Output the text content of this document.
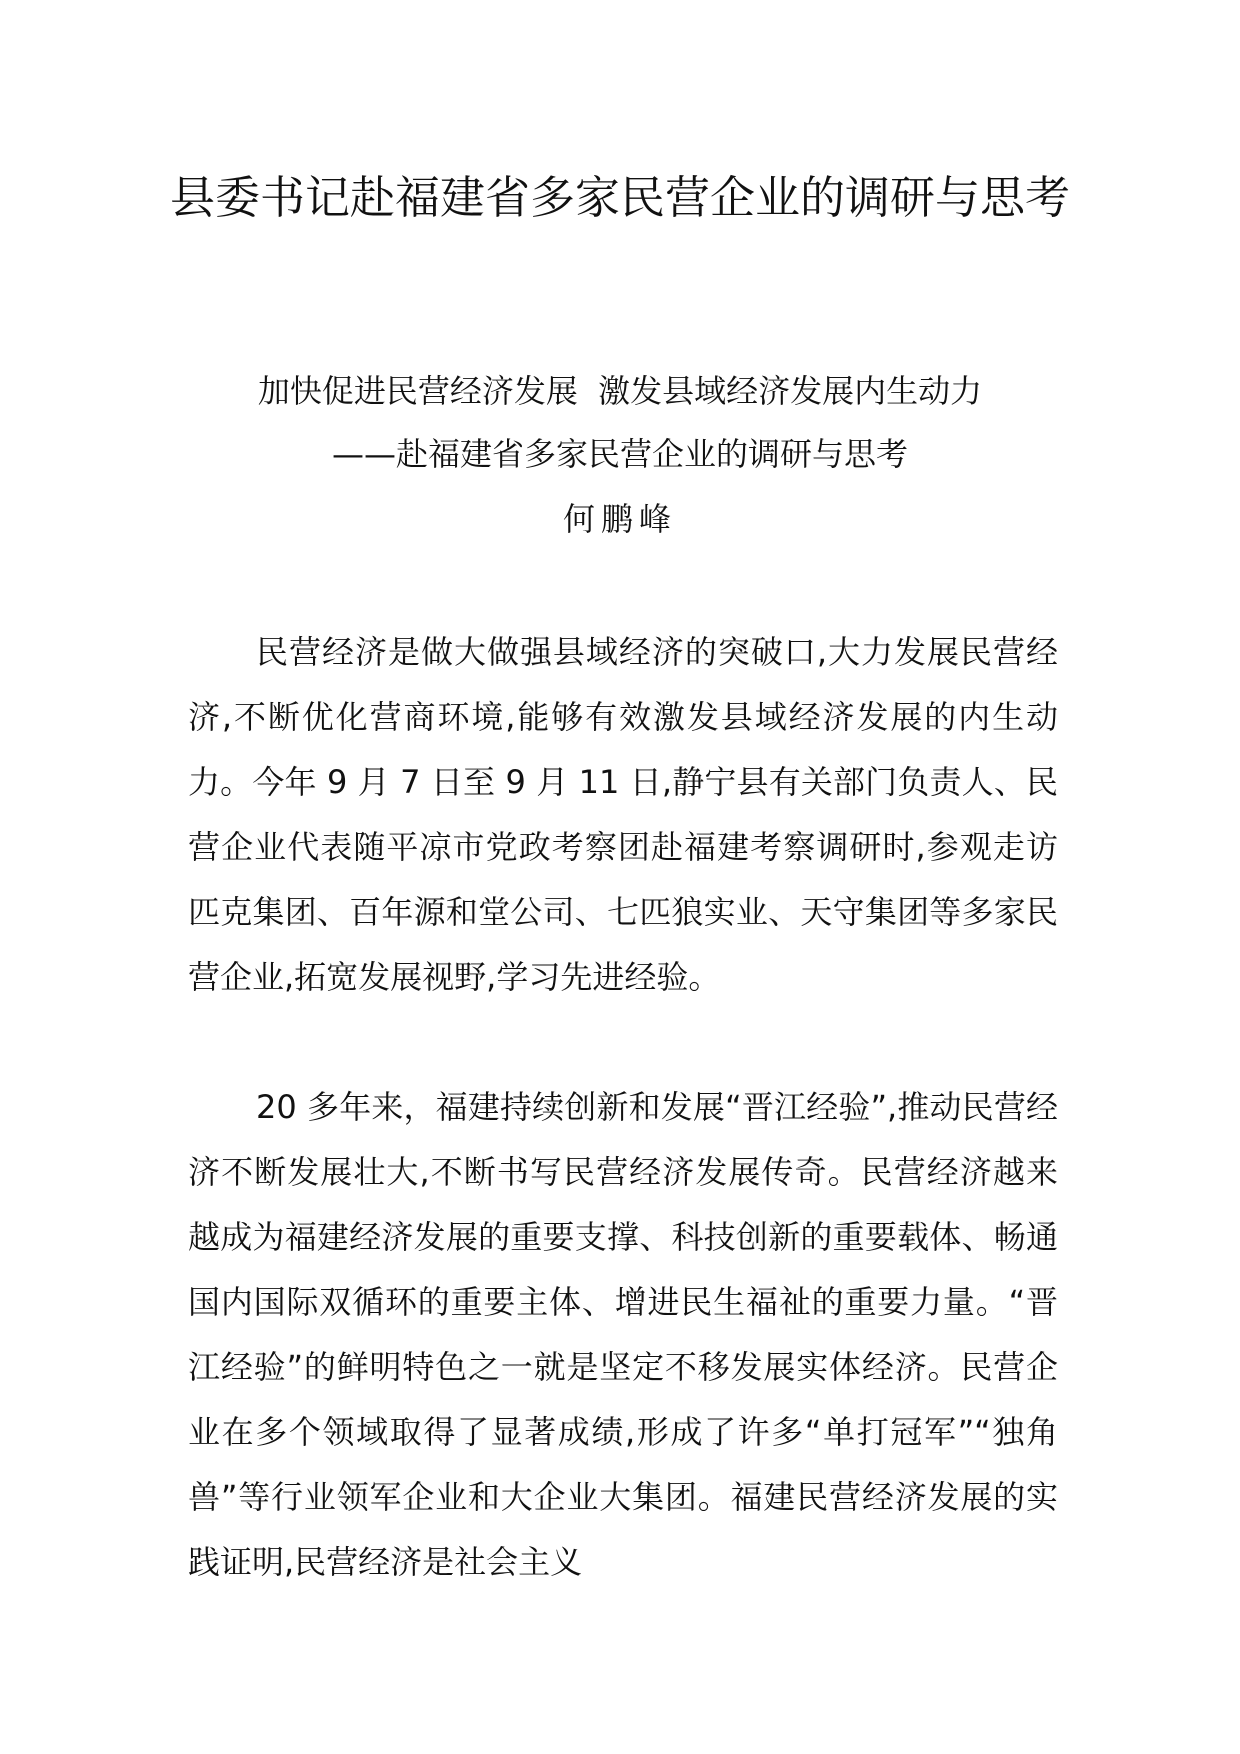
县委书记赴福建省多家民营企业的调研与思考

加快促进民营经济发展  激发县域经济发展内生动力

——赴福建省多家民营企业的调研与思考

何鹏峰

民营经济是做大做强县域经济的突破口,大力发展民营经济,不断优化营商环境,能够有效激发县域经济发展的内生动力。今年 9 月 7 日至 9 月 11 日,静宁县有关部门负责人、民营企业代表随平凉市党政考察团赴福建考察调研时,参观走访匹克集团、百年源和堂公司、七匹狼实业、天守集团等多家民营企业,拓宽发展视野,学习先进经验。

20 多年来，福建持续创新和发展“晋江经验”,推动民营经济不断发展壮大,不断书写民营经济发展传奇。民营经济越来越成为福建经济发展的重要支撑、科技创新的重要载体、畅通国内国际双循环的重要主体、增进民生福祉的重要力量。“晋江经验”的鲜明特色之一就是坚定不移发展实体经济。民营企业在多个领域取得了显著成绩,形成了许多“单打冠军”“独角兽”等行业领军企业和大企业大集团。福建民营经济发展的实践证明,民营经济是社会主义
